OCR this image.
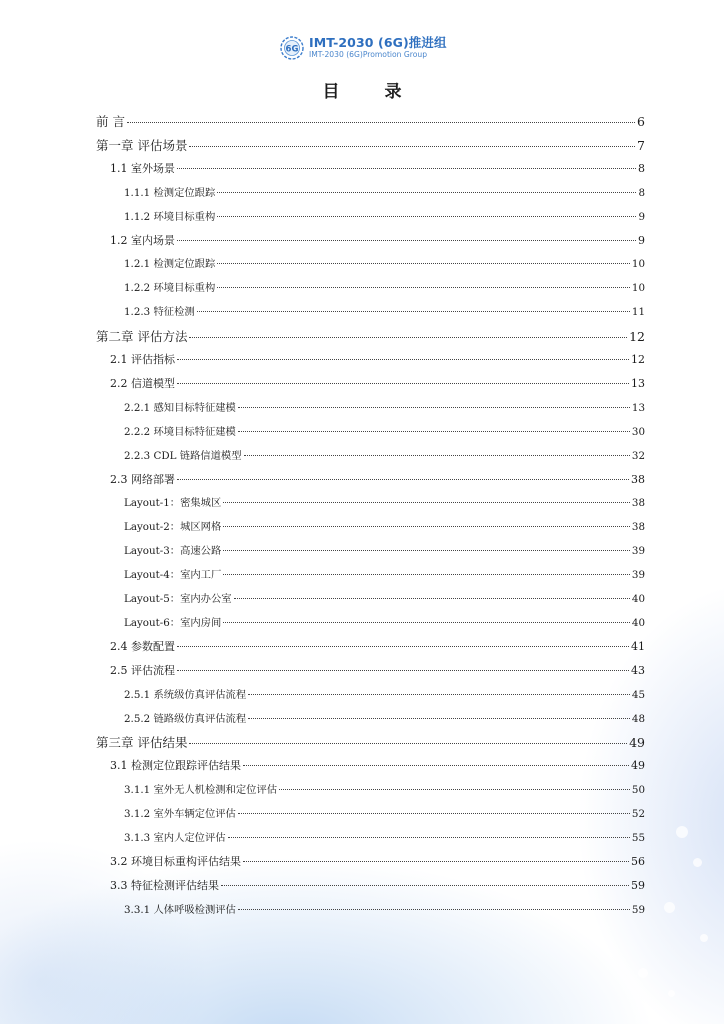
6G IMT-2030 (6G)推进组
IMT-2030 (6G)Promotion Group
目　录
前 言	6
第一章 评估场景	7
1.1 室外场景	8
1.1.1 检测定位跟踪	8
1.1.2 环境目标重构	9
1.2 室内场景	9
1.2.1 检测定位跟踪	10
1.2.2 环境目标重构	10
1.2.3 特征检测	11
第二章 评估方法	12
2.1 评估指标	12
2.2 信道模型	13
2.2.1 感知目标特征建模	13
2.2.2 环境目标特征建模	30
2.2.3 CDL 链路信道模型	32
2.3 网络部署	38
Layout-1：密集城区	38
Layout-2：城区网格	38
Layout-3：高速公路	39
Layout-4：室内工厂	39
Layout-5：室内办公室	40
Layout-6：室内房间	40
2.4 参数配置	41
2.5 评估流程	43
2.5.1 系统级仿真评估流程	45
2.5.2 链路级仿真评估流程	48
第三章 评估结果	49
3.1 检测定位跟踪评估结果	49
3.1.1 室外无人机检测和定位评估	50
3.1.2 室外车辆定位评估	52
3.1.3 室内人定位评估	55
3.2 环境目标重构评估结果	56
3.3 特征检测评估结果	59
3.3.1 人体呼吸检测评估	59
